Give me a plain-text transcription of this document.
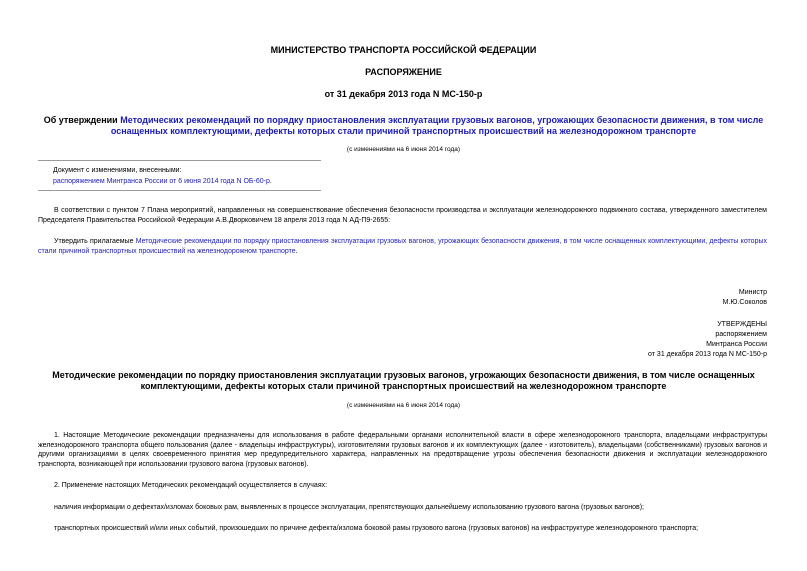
МИНИСТЕРСТВО ТРАНСПОРТА РОССИЙСКОЙ ФЕДЕРАЦИИ

РАСПОРЯЖЕНИЕ

от 31 декабря 2013 года N МС-150-р

Об утверждении Методических рекомендаций по порядку приостановления эксплуатации грузовых вагонов, угрожающих безопасности движения, в том числе

оснащенных комплектующими, дефекты которых стали причиной транспортных происшествий на железнодорожном транспорте

(с изменениями на 6 июня 2014 года)

Документ с изменениями, внесенными:

распоряжением Минтранса России от 6 июня 2014 года N ОБ-60-р.

В соответствии с пунктом 7 Плана мероприятий, направленных на совершенствование обеспечения безопасности производства и эксплуатации железнодорожного подвижного состава, утвержденного заместителем Председателя Правительства Российской Федерации А.В.Дворковичем 18 апреля 2013 года N АД-П9-2655:

Утвердить прилагаемые Методические рекомендации по порядку приостановления эксплуатации грузовых вагонов, угрожающих безопасности движения, в том числе оснащенных комплектующими, дефекты которых стали причиной транспортных происшествий на железнодорожном транспорте.

Министр

М.Ю.Соколов

УТВЕРЖДЕНЫ

распоряжением

Минтранса России

от 31 декабря 2013 года N МС-150-р

Методические рекомендации по порядку приостановления эксплуатации грузовых вагонов, угрожающих безопасности движения, в том числе оснащенных

комплектующими, дефекты которых стали причиной транспортных происшествий на железнодорожном транспорте

(с изменениями на 6 июня 2014 года)

1. Настоящие Методические рекомендации предназначены для использования в работе федеральными органами исполнительной власти в сфере железнодорожного транспорта, владельцами инфраструктуры железнодорожного транспорта общего пользования (далее - владельцы инфраструктуры), изготовителями грузовых вагонов и их комплектующих (далее - изготовитель), владельцами (собственниками) грузовых вагонов и другими организациями в целях своевременного принятия мер предупредительного характера, направленных на предотвращение угрозы обеспечения безопасности движения и эксплуатации железнодорожного транспорта, возникающей при использовании грузового вагона (грузовых вагонов).

2. Применение настоящих Методических рекомендаций осуществляется в случаях:

наличия информации о дефектах/изломах боковых рам, выявленных в процессе эксплуатации, препятствующих дальнейшему использованию грузового вагона (грузовых вагонов);

транспортных происшествий и/или иных событий, произошедших по причине дефекта/излома боковой рамы грузового вагона (грузовых вагонов) на инфраструктуре железнодорожного транспорта;
